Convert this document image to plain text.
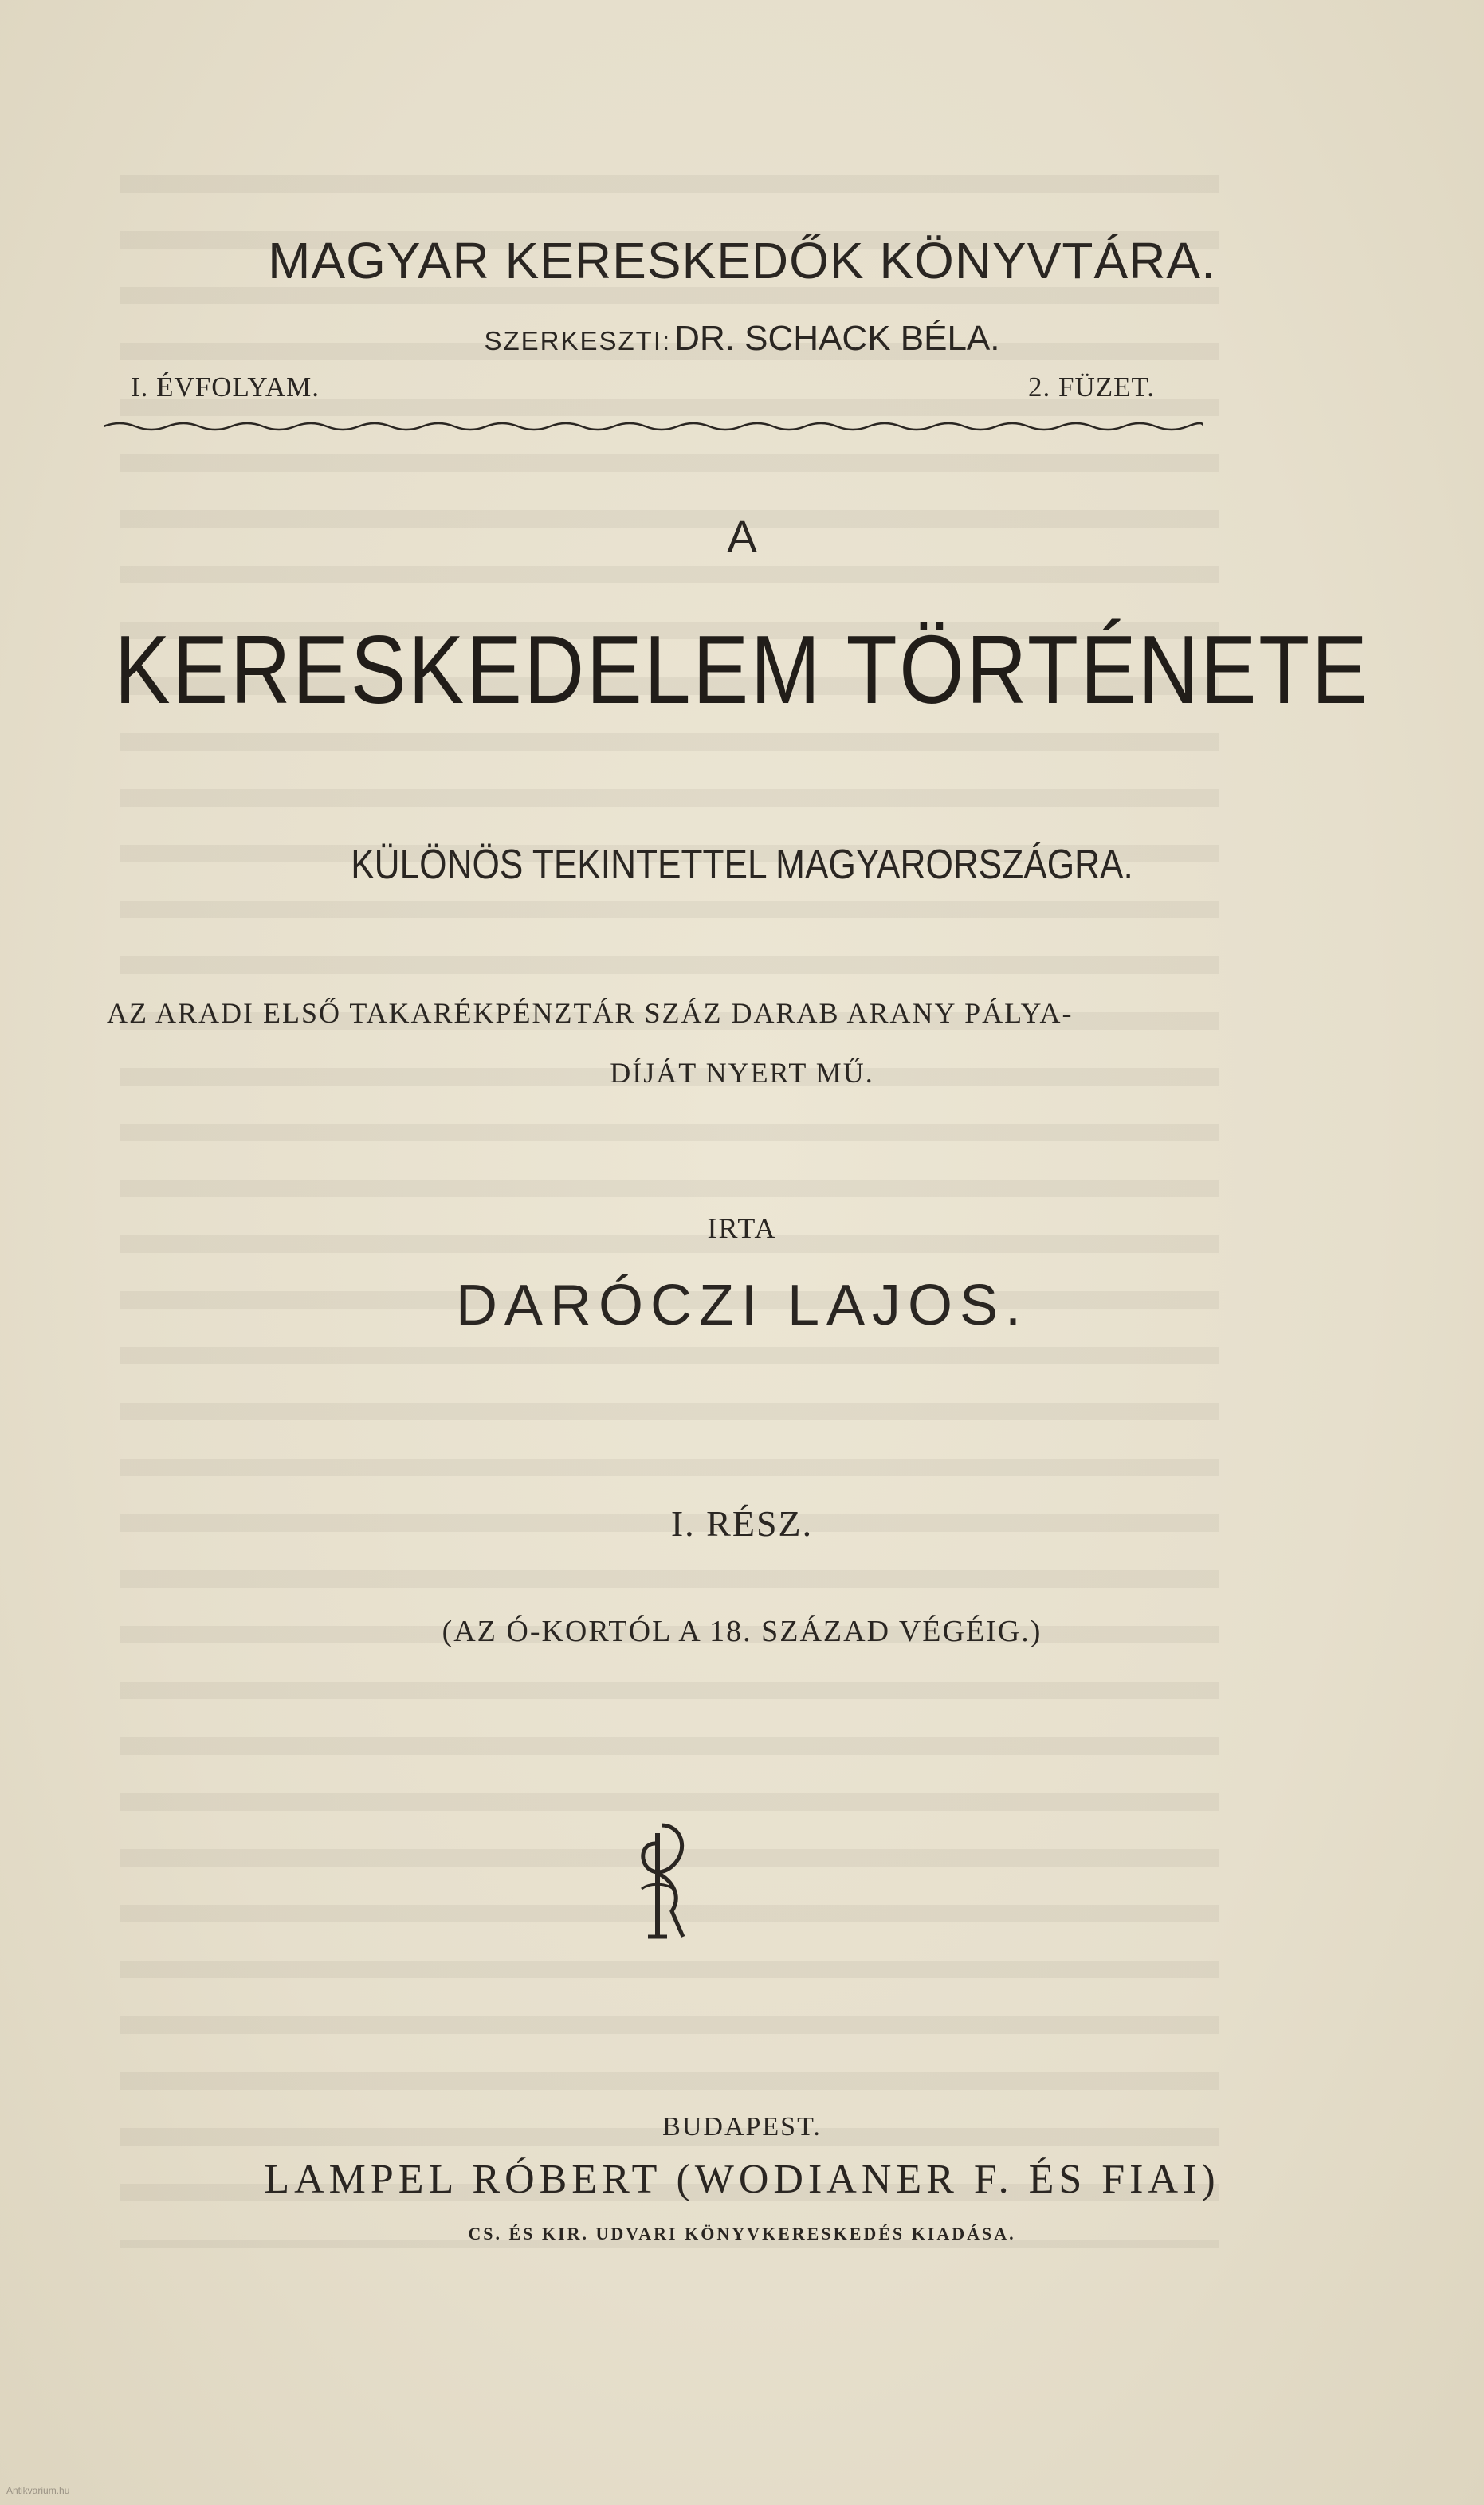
MAGYAR KERESKEDŐK KÖNYVTÁRA.
SZERKESZTI: DR. SCHACK BÉLA.
I. ÉVFOLYAM.	2. FÜZET.
A
KERESKEDELEM TÖRTÉNETE
KÜLÖNÖS TEKINTETTEL MAGYARORSZÁGRA.
AZ ARADI ELSŐ TAKARÉKPÉNZTÁR SZÁZ DARAB ARANY PÁLYA-
DÍJÁT NYERT MŰ.
IRTA
DARÓCZI LAJOS.
I. RÉSZ.
(AZ Ó-KORTÓL A 18. SZÁZAD VÉGÉIG.)
BUDAPEST.
LAMPEL RÓBERT (WODIANER F. ÉS FIAI)
CS. ÉS KIR. UDVARI KÖNYVKERESKEDÉS KIADÁSA.
Antikvarium.hu
